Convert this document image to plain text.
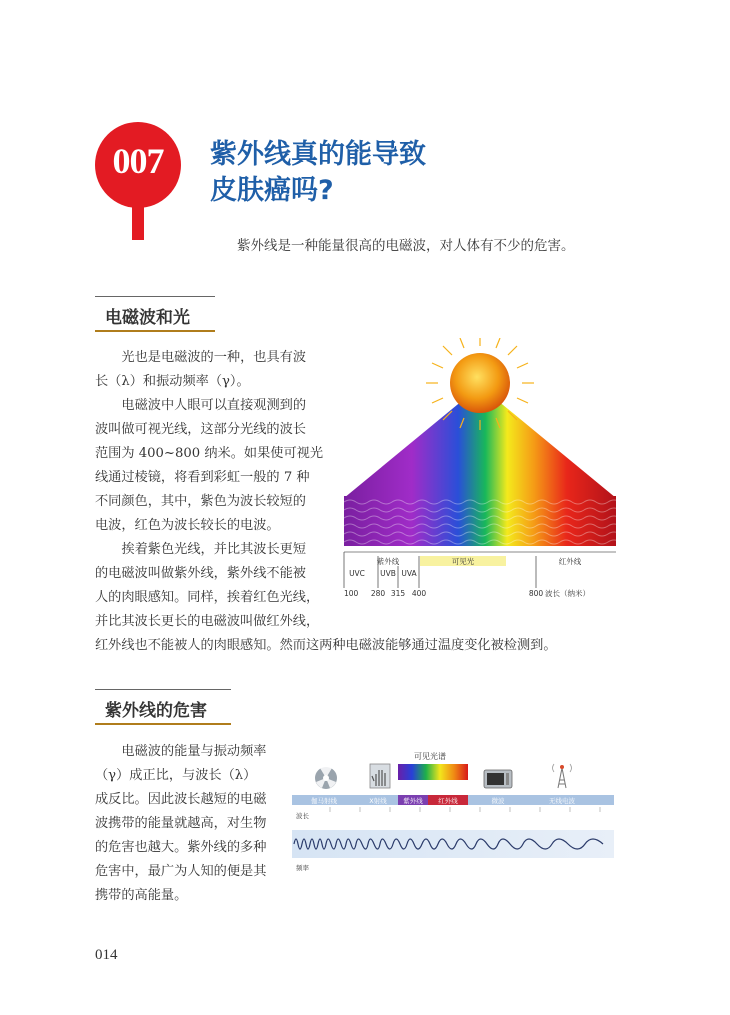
007	紫外线真的能导致
皮肤癌吗?
紫外线是一种能量很高的电磁波，对人体有不少的危害。
电磁波和光

光也是电磁波的一种，也具有波

长（λ）和振动频率（γ）。

电磁波中人眼可以直接观测到的

波叫做可视光线，这部分光线的波长

范围为 400~800 纳米。如果使可视光

线通过棱镜，将看到彩虹一般的 7 种

不同颜色，其中，紫色为波长较短的

电波，红色为波长较长的电波。

挨着紫色光线，并比其波长更短

的电磁波叫做紫外线，紫外线不能被

人的肉眼感知。同样，挨着红色光线，

并比其波长更长的电磁波叫做红外线，

红外线也不能被人的肉眼感知。然而这两种电磁波能够通过温度变化被检测到。

紫外线	可见光	红外线
UVC UVB UVA
100 280 315 400	800 波长（纳米）
紫外线的危害

电磁波的能量与振动频率

（γ）成正比，与波长（λ）

成反比。因此波长越短的电磁

波携带的能量就越高，对生物

的危害也越大。紫外线的多种

危害中，最广为人知的便是其

携带的高能量。

可见光谱
伽马射线	X射线	紫外线 红外线	微波	无线电波
波长
频率
014
